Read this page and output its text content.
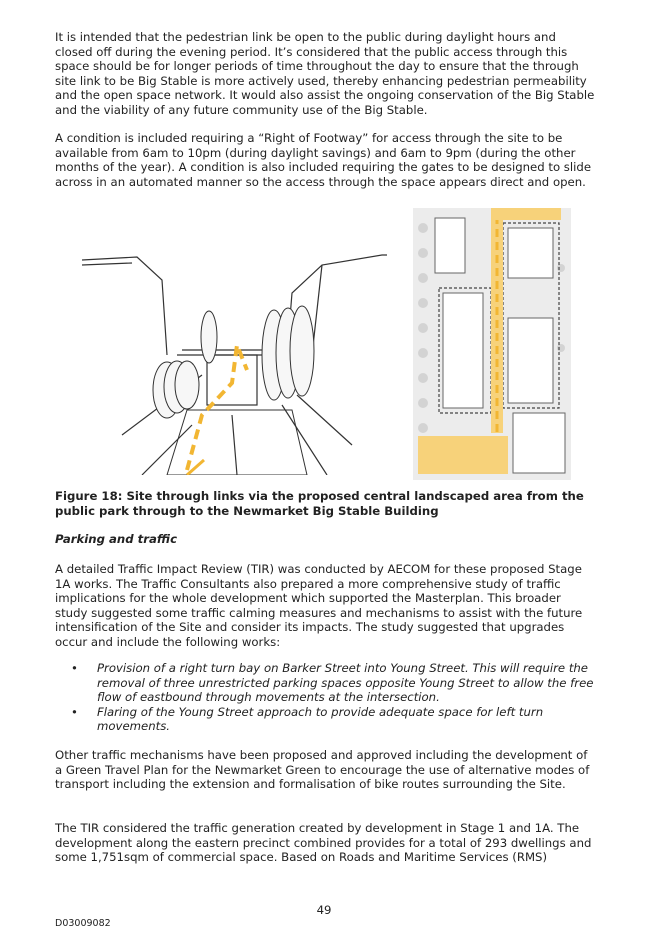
It is intended that the pedestrian link be open to the public during daylight hours and closed off during the evening period. It’s considered that the public access through this space should be for longer periods of time throughout the day to ensure that the through site link to be Big Stable is more actively used, thereby enhancing pedestrian permeability and the open space network. It would also assist the ongoing conservation of the Big Stable and the viability of any future community use of the Big Stable.

A condition is included requiring a “Right of Footway” for access through the site to be available from 6am to 10pm (during daylight savings) and 6am to 9pm (during the other months of the year). A condition is also included requiring the gates to be designed to slide across in an automated manner so the access through the space appears direct and open.

Figure 18: Site through links via the proposed central landscaped area from the public park through to the Newmarket Big Stable Building

Parking and traffic

A detailed Traffic Impact Review (TIR) was conducted by AECOM for these proposed Stage 1A works. The Traffic Consultants also prepared a more comprehensive study of traffic implications for the whole development which supported the Masterplan. This broader study suggested some traffic calming measures and mechanisms to assist with the future intensification of the Site and consider its impacts. The study suggested that upgrades occur and include the following works:

• Provision of a right turn bay on Barker Street into Young Street. This will require the removal of three unrestricted parking spaces opposite Young Street to allow the free flow of eastbound through movements at the intersection.
• Flaring of the Young Street approach to provide adequate space for left turn movements.

Other traffic mechanisms have been proposed and approved including the development of a Green Travel Plan for the Newmarket Green to encourage the use of alternative modes of transport including the extension and formalisation of bike routes surrounding the Site.

The TIR considered the traffic generation created by development in Stage 1 and 1A. The development along the eastern precinct combined provides for a total of 293 dwellings and some 1,751sqm of commercial space. Based on Roads and Maritime Services (RMS)

49
D03009082
